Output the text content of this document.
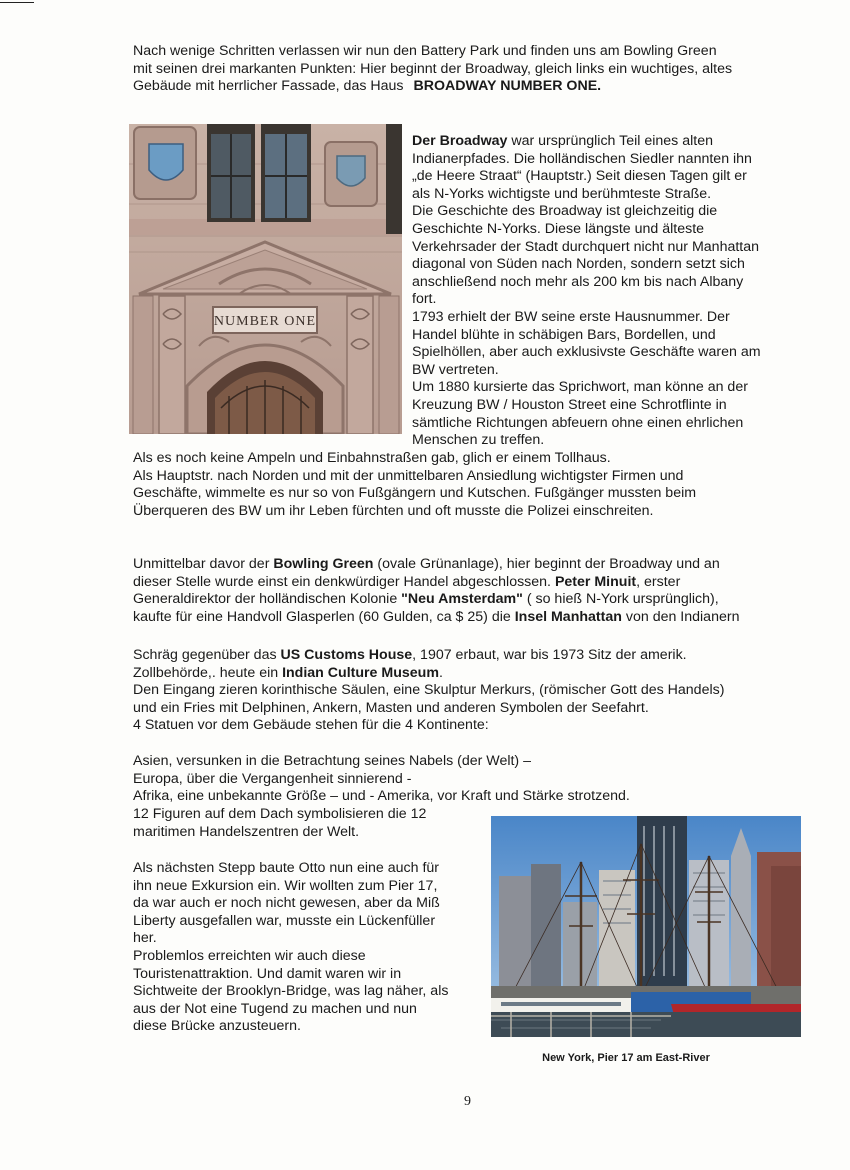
Nach wenige Schritten verlassen wir nun den Battery Park und finden uns am Bowling Green
mit seinen drei markanten Punkten: Hier beginnt der Broadway, gleich links ein wuchtiges, altes
Gebäude mit herrlicher Fassade, das Haus BROADWAY NUMBER ONE.

NUMBER ONE

Der Broadway war ursprünglich Teil eines alten
Indianerpfades. Die holländischen Siedler nannten ihn
„de Heere Straat“ (Hauptstr.) Seit diesen Tagen gilt er
als N-Yorks wichtigste und berühmteste Straße.
Die Geschichte des Broadway ist gleichzeitig die
Geschichte N-Yorks. Diese längste und älteste
Verkehrsader der Stadt durchquert nicht nur Manhattan
diagonal von Süden nach Norden, sondern setzt sich
anschließend noch mehr als 200 km bis nach Albany
fort.
1793 erhielt der BW seine erste Hausnummer. Der
Handel blühte in schäbigen Bars, Bordellen, und
Spielhöllen, aber auch exklusivste Geschäfte waren am
BW vertreten.
Um 1880 kursierte das Sprichwort, man könne an der
Kreuzung BW / Houston Street eine Schrotflinte in
sämtliche Richtungen abfeuern ohne einen ehrlichen
Menschen zu treffen.

Als es noch keine Ampeln und Einbahnstraßen gab, glich er einem Tollhaus.
Als Hauptstr. nach Norden und mit der unmittelbaren Ansiedlung wichtigster Firmen und
Geschäfte, wimmelte es nur so von Fußgängern und Kutschen. Fußgänger mussten beim
Überqueren des BW um ihr Leben fürchten und oft musste die Polizei einschreiten.

Unmittelbar davor der Bowling Green (ovale Grünanlage), hier beginnt der Broadway und an
dieser Stelle wurde einst ein denkwürdiger Handel abgeschlossen. Peter Minuit, erster
Generaldirektor der holländischen Kolonie "Neu Amsterdam" ( so hieß N-York ursprünglich),
kaufte für eine Handvoll Glasperlen (60 Gulden, ca $ 25) die Insel Manhattan von den Indianern

Schräg gegenüber das US Customs House, 1907 erbaut, war bis 1973 Sitz der amerik.
Zollbehörde,. heute ein Indian Culture Museum.
Den Eingang zieren korinthische Säulen, eine Skulptur Merkurs, (römischer Gott des Handels)
und ein Fries mit Delphinen, Ankern, Masten und anderen Symbolen der Seefahrt.
4 Statuen vor dem Gebäude stehen für die 4 Kontinente:

Asien, versunken in die Betrachtung seines Nabels (der Welt) –
Europa, über die Vergangenheit sinnierend -
Afrika, eine unbekannte Größe – und - Amerika, vor Kraft und Stärke strotzend.

12 Figuren auf dem Dach symbolisieren die 12
maritimen Handelszentren der Welt.

Als nächsten Stepp baute Otto nun eine auch für
ihn neue Exkursion ein. Wir wollten zum Pier 17,
da war auch er noch nicht gewesen, aber da Miß
Liberty ausgefallen war, musste ein Lückenfüller
her.
Problemlos erreichten wir auch diese
Touristenattraktion. Und damit waren wir in
Sichtweite der Brooklyn-Bridge, was lag näher, als
aus der Not eine Tugend zu machen und nun
diese Brücke anzusteuern.

New York, Pier 17 am East-River
9
